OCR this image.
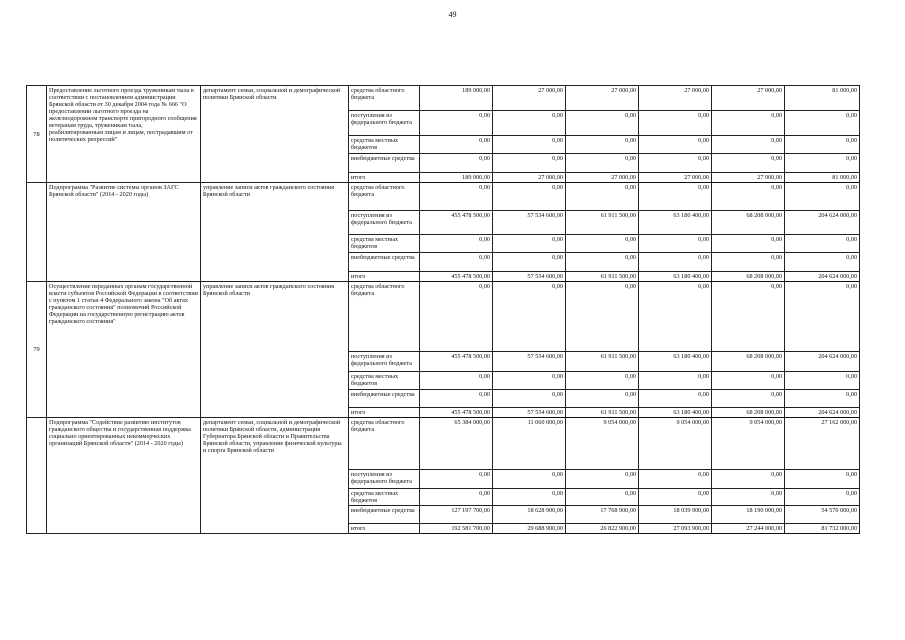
49
78	Предоставление льготного проезда труженикам тыла в соответствии с постановлением администрации Брянской области от 30 декабря 2004 года № 666 "О предоставлении льготного проезда на железнодорожном транспорте пригородного сообщения ветеранам труда, труженикам тыла, реабилитированным лицам и лицам, пострадавшим от политических репрессий"	департамент семьи, социальной и демографической политики Брянской области	средства областного бюджета	189 000,00	27 000,00	27 000,00	27 000,00	27 000,00	81 000,00
			поступления из федерального бюджета	0,00	0,00	0,00	0,00	0,00	0,00
			средства местных бюджетов	0,00	0,00	0,00	0,00	0,00	0,00
			внебюджетные средства	0,00	0,00	0,00	0,00	0,00	0,00
			итого	189 000,00	27 000,00	27 000,00	27 000,00	27 000,00	81 000,00
	Подпрограмма "Развитие системы органов ЗАГС Брянской области" (2014 - 2020 годы)	управление записи актов гражданского состояния Брянской области	средства областного бюджета	0,00	0,00	0,00	0,00	0,00	0,00
			поступления из федерального бюджета	455 478 500,00	57 534 600,00	61 911 500,00	63 180 400,00	68 208 000,00	204 624 000,00
			средства местных бюджетов	0,00	0,00	0,00	0,00	0,00	0,00
			внебюджетные средства	0,00	0,00	0,00	0,00	0,00	0,00
			итого	455 478 500,00	57 534 600,00	61 911 500,00	63 180 400,00	68 208 000,00	204 624 000,00
79	Осуществление переданных органам государственной власти субъектов Российской Федерации в соответствии с пунктом 1 статьи 4 Федерального закона "Об актах гражданского состояния" полномочий Российской Федерации на государственную регистрацию актов гражданского состояния"	управление записи актов гражданского состояния Брянской области	средства областного бюджета	0,00	0,00	0,00	0,00	0,00	0,00
			поступления из федерального бюджета	455 478 500,00	57 534 600,00	61 911 500,00	63 180 400,00	68 208 000,00	204 624 000,00
			средства местных бюджетов	0,00	0,00	0,00	0,00	0,00	0,00
			внебюджетные средства	0,00	0,00	0,00	0,00	0,00	0,00
			итого	455 478 500,00	57 534 600,00	61 911 500,00	63 180 400,00	68 208 000,00	204 624 000,00
	Подпрограмма "Содействие развитию институтов гражданского общества и государственная поддержка социально ориентированных некоммерческих организаций Брянской области" (2014 - 2020 годы)	департамент семьи, социальной и демографической политики Брянской области, администрация Губернатора Брянской области и Правительства Брянской области, управление физической культуры и спорта Брянской области	средства областного бюджета	65 384 000,00	11 060 000,00	9 054 000,00	9 054 000,00	9 054 000,00	27 162 000,00
			поступления из федерального бюджета	0,00	0,00	0,00	0,00	0,00	0,00
			средства местных бюджетов	0,00	0,00	0,00	0,00	0,00	0,00
			внебюджетные средства	127 197 700,00	18 628 900,00	17 768 900,00	18 039 900,00	18 190 000,00	54 570 000,00
			итого	192 581 700,00	29 688 900,00	26 822 900,00	27 093 900,00	27 244 000,00	81 732 000,00
